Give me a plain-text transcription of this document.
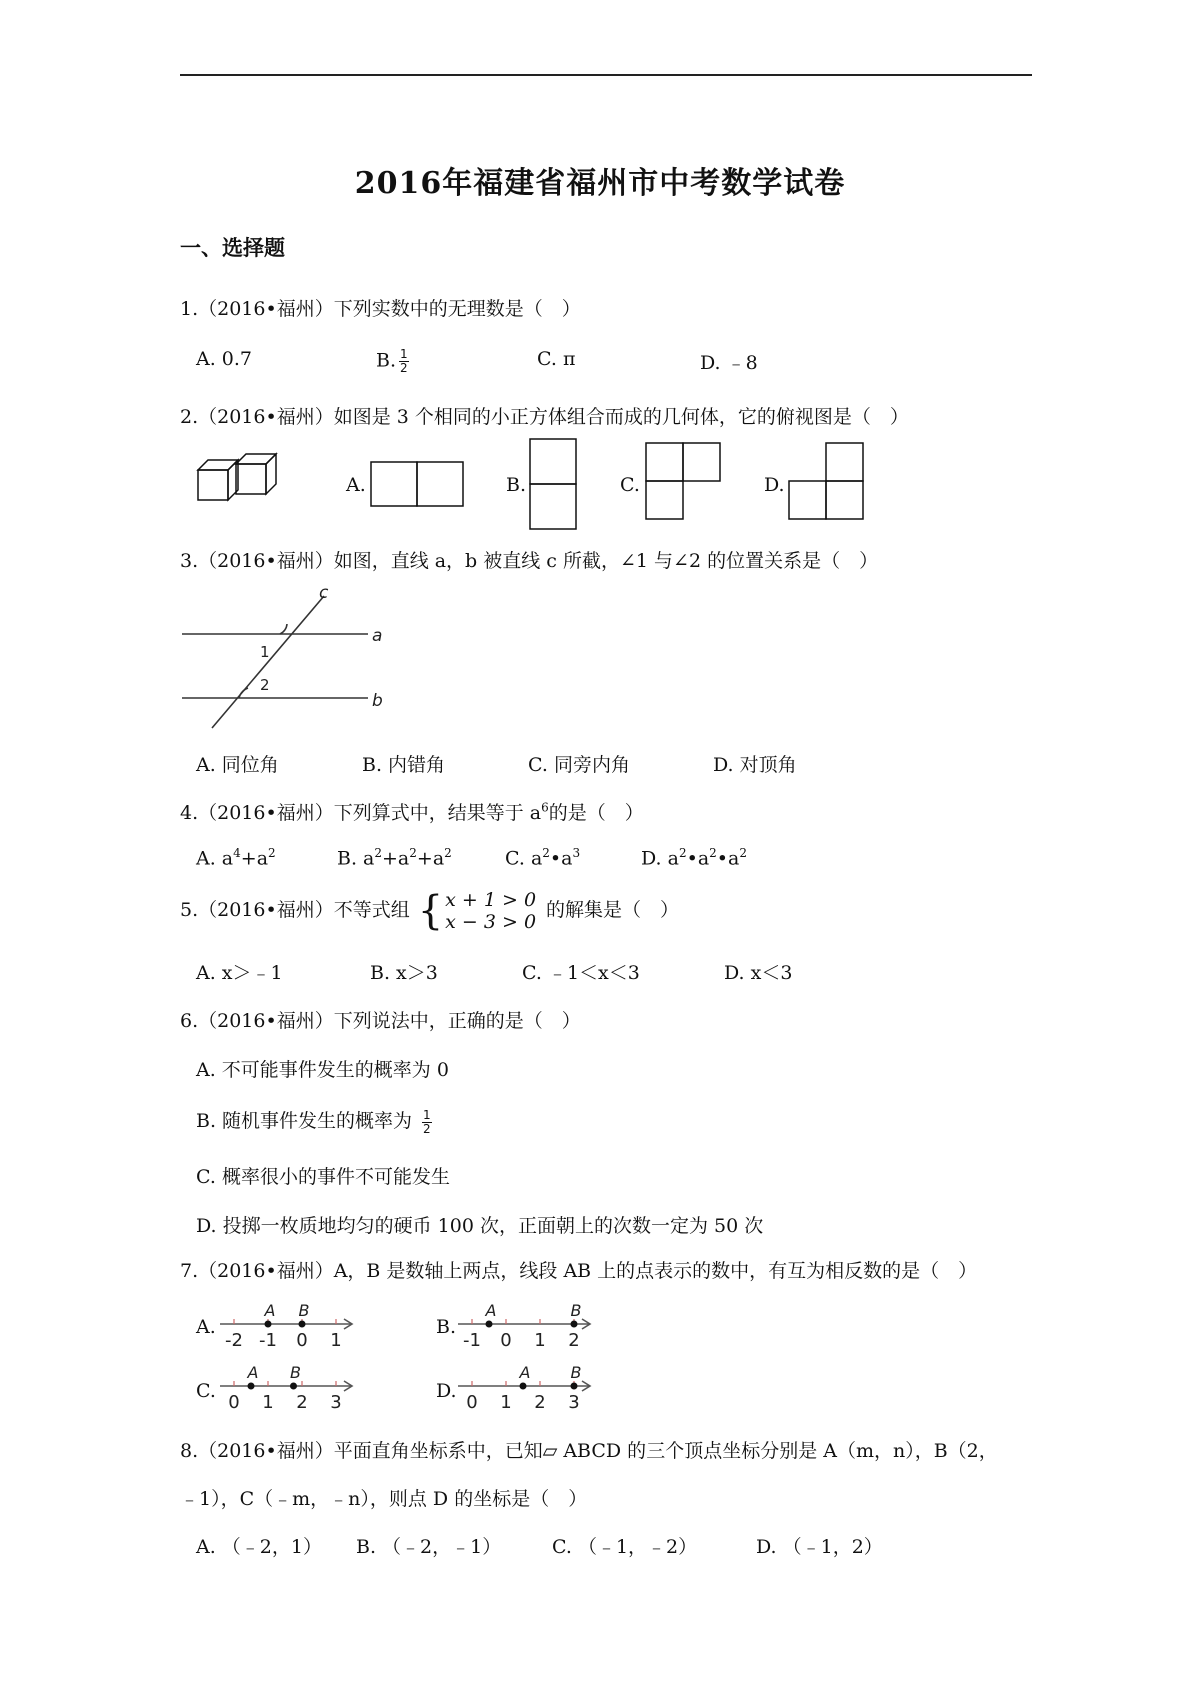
2016年福建省福州市中考数学试卷
一、选择题
1.（2016•福州）下列实数中的无理数是（　）
A. 0.7	B. $\frac{1}{2}$	C. π	D. ﹣8
2.（2016•福州）如图是 3 个相同的小正方体组合而成的几何体，它的俯视图是（　）
A.	B.	C.	D.
3.（2016•福州）如图，直线 a，b 被直线 c 所截，∠1 与∠2 的位置关系是（　）
c
a
b
1
2
A. 同位角	B. 内错角	C. 同旁内角	D. 对顶角
4.（2016•福州）下列算式中，结果等于 $a^6$的是（　）
A. $a^4+a^2$	B. $a^2+a^2+a^2$	C. $a^2•a^3$	D. $a^2•a^2•a^2$
5.（2016•福州）不等式组 { x + 1 > 0
x − 3 > 0
的解集是（　）
A. x＞﹣1	B. x＞3	C. ﹣1＜x＜3	D. x＜3
6.（2016•福州）下列说法中，正确的是（　）
A. 不可能事件发生的概率为 0
B. 随机事件发生的概率为 $\frac{1}{2}$
C. 概率很小的事件不可能发生
D. 投掷一枚质地均匀的硬币 100 次，正面朝上的次数一定为 50 次
7.（2016•福州）A，B 是数轴上两点，线段 AB 上的点表示的数中，有互为相反数的是（　）
A.
-2 -1 0 1
A B
B.
-1 0 1 2
A	B
C.
0 1 2 3
A B
D.
0 1 2 3
A	B
8.（2016•福州）平面直角坐标系中，已知▱ ABCD 的三个顶点坐标分别是 A（m，n），B（2，
﹣1），C（﹣m，﹣n），则点 D 的坐标是（　）
A. （﹣2，1） B. （﹣2，﹣1）	C. （﹣1，﹣2）	D. （﹣1，2）
